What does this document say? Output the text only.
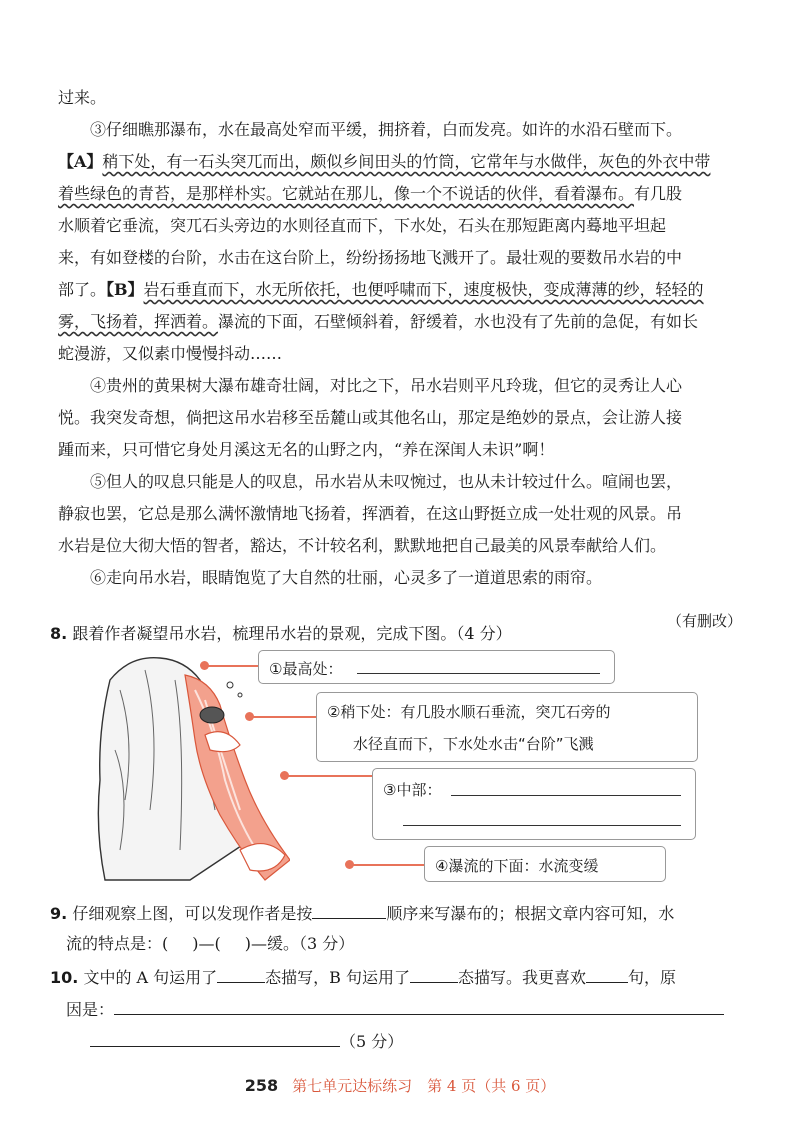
过来。
③仔细瞧那瀑布，水在最高处窄而平缓，拥挤着，白而发亮。如许的水沿石壁而下。
【A】稍下处，有一石头突兀而出，颇似乡间田头的竹筒，它常年与水做伴，灰色的外衣中带
着些绿色的青苔，是那样朴实。它就站在那儿，像一个不说话的伙伴，看着瀑布。有几股
水顺着它垂流，突兀石头旁边的水则径直而下，下水处，石头在那短距离内蓦地平坦起
来，有如登楼的台阶，水击在这台阶上，纷纷扬扬地飞溅开了。最壮观的要数吊水岩的中
部了。【B】岩石垂直而下，水无所依托，也便呼啸而下，速度极快，变成薄薄的纱，轻轻的
雾，飞扬着，挥洒着。瀑流的下面，石壁倾斜着，舒缓着，水也没有了先前的急促，有如长
蛇漫游，又似素巾慢慢抖动……
④贵州的黄果树大瀑布雄奇壮阔，对比之下，吊水岩则平凡玲珑，但它的灵秀让人心
悦。我突发奇想，倘把这吊水岩移至岳麓山或其他名山，那定是绝妙的景点，会让游人接
踵而来，只可惜它身处月溪这无名的山野之内，“养在深闺人未识”啊！
⑤但人的叹息只能是人的叹息，吊水岩从未叹惋过，也从未计较过什么。喧闹也罢，
静寂也罢，它总是那么满怀激情地飞扬着，挥洒着，在这山野挺立成一处壮观的风景。吊
水岩是位大彻大悟的智者，豁达，不计较名利，默默地把自己最美的风景奉献给人们。
⑥走向吊水岩，眼睛饱览了大自然的壮丽，心灵多了一道道思索的雨帘。
（有删改）
8. 跟着作者凝望吊水岩，梳理吊水岩的景观，完成下图。（4 分）
①最高处：
②稍下处：有几股水顺石垂流，突兀石旁的
水径直而下，下水处水击“台阶”飞溅
③中部：
④瀑流的下面：水流变缓
9. 仔细观察上图，可以发现作者是按	顺序来写瀑布的；根据文章内容可知，水
流的特点是：( )—( )—缓。（3 分）
10. 文中的 A 句运用了	态描写，B 句运用了	态描写。我更喜欢	句，原
因是：
（5 分）
258 第七单元达标练习　第 4 页（共 6 页）
